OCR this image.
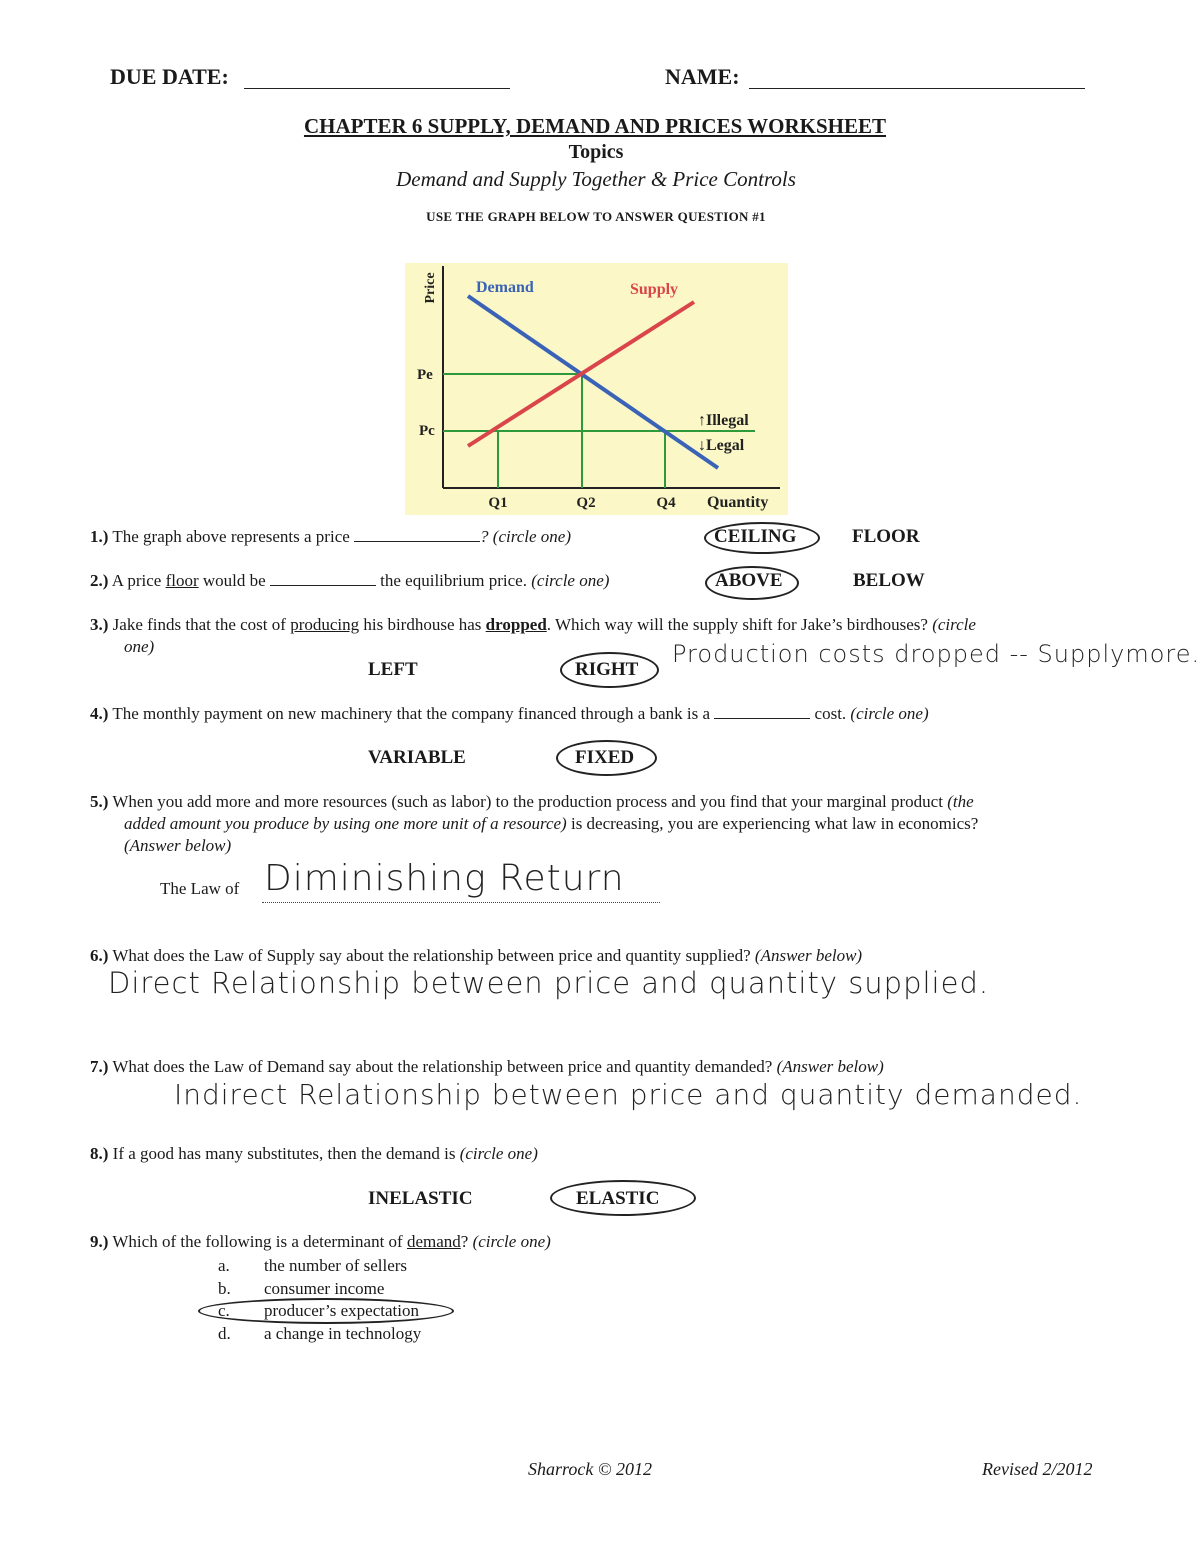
DUE DATE:	NAME:
CHAPTER 6 SUPPLY, DEMAND AND PRICES WORKSHEET
Topics
Demand and Supply Together & Price Controls
USE THE GRAPH BELOW TO ANSWER QUESTION #1
Price Demand	Supply
Pe
Pc
↑Illegal
↓Legal
Q1	Q2	Q4 Quantity
1.) The graph above represents a price	? (circle one)	CEILING	FLOOR
2.) A price floor would be	the equilibrium price. (circle one)	ABOVE	BELOW
3.) Jake finds that the cost of producing his birdhouse has dropped. Which way will the supply shift for Jake’s birdhouses? (circle
one)
LEFT	RIGHT
Production costs dropped -- Supplymore.
4.) The monthly payment on new machinery that the company financed through a bank is a	cost. (circle one)
VARIABLE	FIXED
5.) When you add more and more resources (such as labor) to the production process and you find that your marginal product (the
added amount you produce by using one more unit of a resource) is decreasing, you are experiencing what law in economics?
(Answer below)
The Law of Diminishing Return
6.) What does the Law of Supply say about the relationship between price and quantity supplied? (Answer below)
Direct Relationship between price and quantity supplied.
7.) What does the Law of Demand say about the relationship between price and quantity demanded? (Answer below)
Indirect Relationship between price and quantity demanded.
8.) If a good has many substitutes, then the demand is (circle one)
INELASTIC	ELASTIC
9.) Which of the following is a determinant of demand? (circle one)
a. the number of sellers
b. consumer income
c. producer’s expectation
d. a change in technology
Sharrock © 2012	Revised 2/2012
